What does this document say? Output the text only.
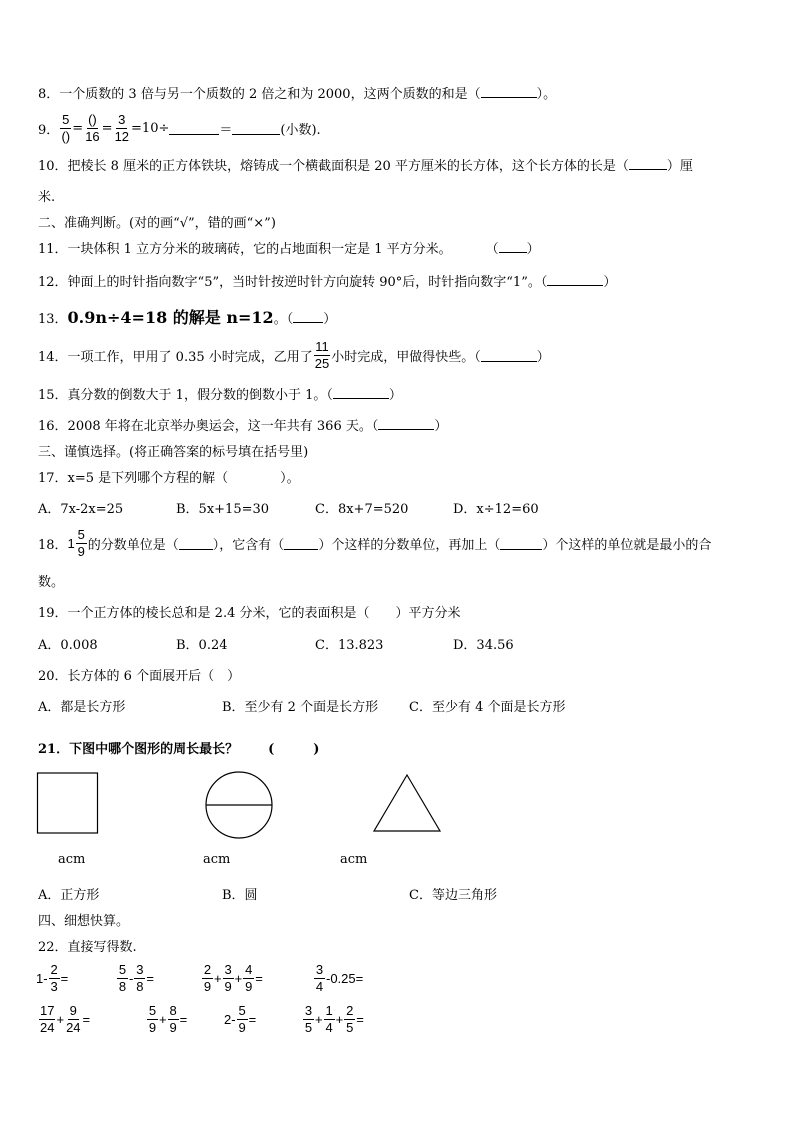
8．一个质数的 3 倍与另一个质数的 2 倍之和为 2000，这两个质数的和是（	）。
9． $\frac{5}{()} = \frac{()}{16} = \frac{3}{12} =10\div$	＝	(小数).
10．把棱长 8 厘米的正方体铁块，熔铸成一个横截面积是 20 平方厘米的长方体，这个长方体的长是（	）厘
米.
二、准确判断。(对的画“√”，错的画“×”)
11．一块体积 1 立方分米的玻璃砖，它的占地面积一定是 1 平方分米。	（ ）
12．钟面上的时针指向数字“5”，当时针按逆时针方向旋转 90°后，时针指向数字“1”。（	）
13．0.9n÷4=18 的解是 n=12。（ ）
14． 一项工作，甲用了 0.35 小时完成，乙用了 $\frac{11}{25}$ 小时完成，甲做得快些。（	）
15．真分数的倒数大于 1，假分数的倒数小于 1。（	）
16．2008 年将在北京举办奥运会，这一年共有 366 天。（	）
三、谨慎选择。(将正确答案的标号填在括号里)
17．x=5 是下列哪个方程的解（　　　　）。
A．7x-2x=25	B．5x+15=30	C．8x+7=520	D．x÷12=60
18． $1 \frac{5}{9}$ 的分数单位是（	），它含有（	）个这样的分数单位，再加上（	）个这样的单位就是最小的合
数。
19．一个正方体的棱长总和是 2.4 分米，它的表面积是（　　）平方分米
A．0.008	B．0.24	C．13.823	D．34.56
20．长方体的 6 个面展开后（　）
A．都是长方形	B．至少有 2 个面是长方形 C．至少有 4 个面是长方形
21．下图中哪个图形的周长最长？ (　　　)
acm	acm	acm
A．正方形	B．圆	C．等边三角形
四、细想快算。
22．直接写得数.
$1- \frac{2}{3}$ =	$\frac{5}{8} - \frac{3}{8}$ =	$\frac{2}{9} + \frac{3}{9} + \frac{4}{9}$ =	$\frac{3}{4} -0.25=$
$\frac{17}{24} + \frac{9}{24}$ =	$\frac{5}{9} + \frac{8}{9}$ =	$2- \frac{5}{9}$ =	$\frac{3}{5} + \frac{1}{4} + \frac{2}{5}$ =
